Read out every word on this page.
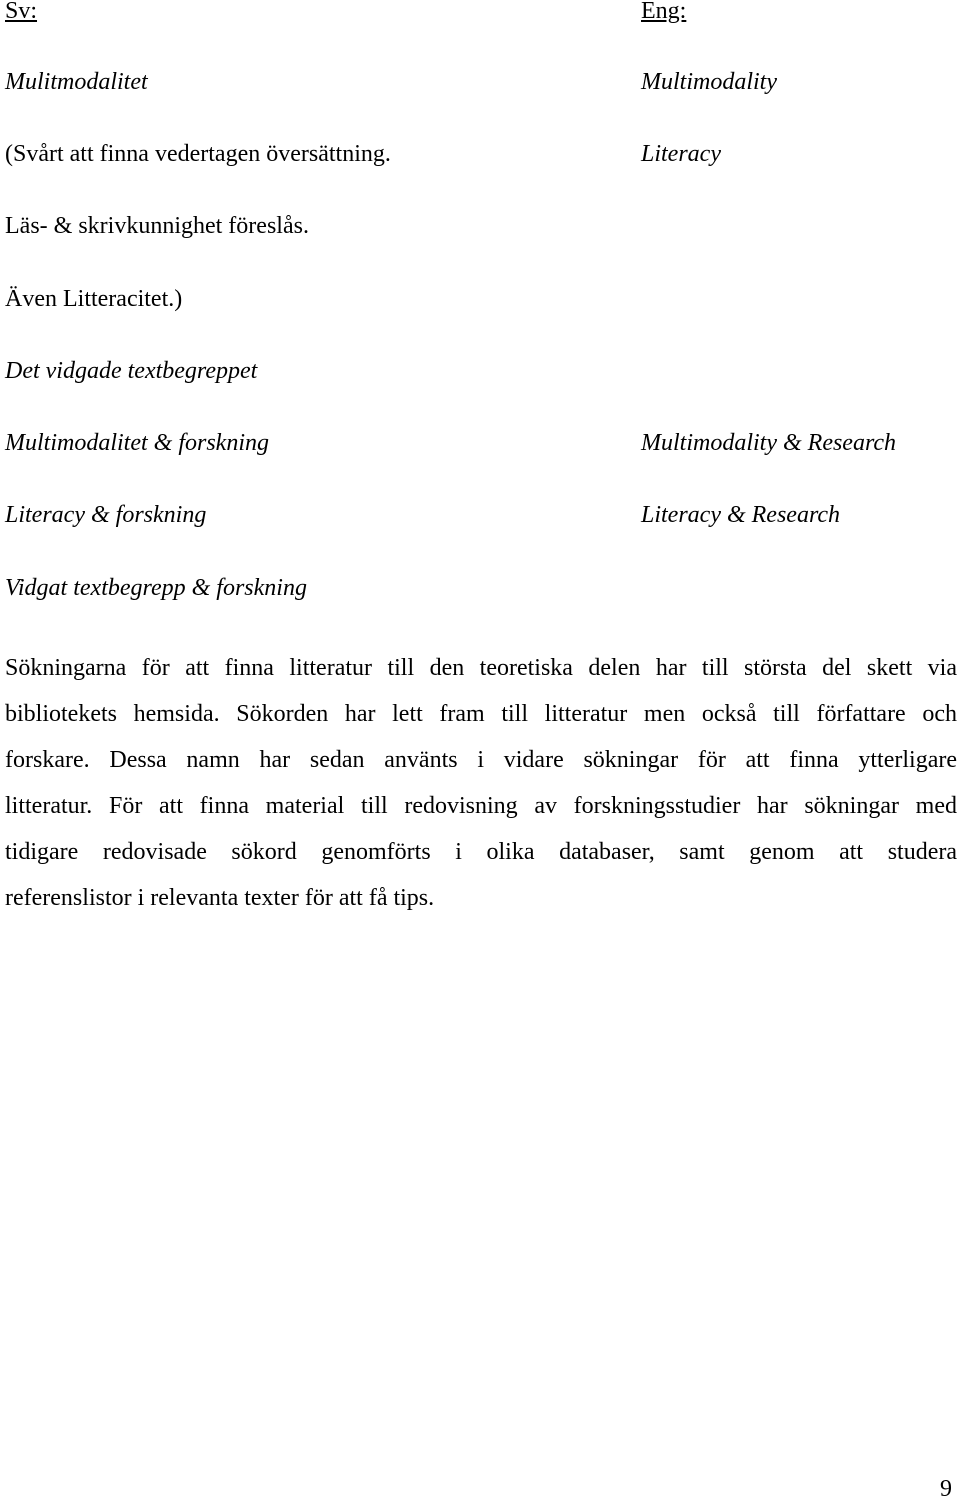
Sv:	Eng:

Mulitmodalitet

(Svårt att finna vedertagen översättning.

Läs- & skrivkunnighet föreslås.

Även Litteracitet.)

Det vidgade textbegreppet

Multimodalitet & forskning

Literacy & forskning

Vidgat textbegrepp & forskning

Multimodality

Literacy

Multimodality & Research

Literacy & Research

Sökningarna för att finna litteratur till den teoretiska delen har till största del skett via
bibliotekets hemsida. Sökorden har lett fram till litteratur men också till författare och
forskare. Dessa namn har sedan använts i vidare sökningar för att finna ytterligare
litteratur. För att finna material till redovisning av forskningsstudier har sökningar med
tidigare redovisade sökord genomförts i olika databaser, samt genom att studera
referenslistor i relevanta texter för att få tips.

9
